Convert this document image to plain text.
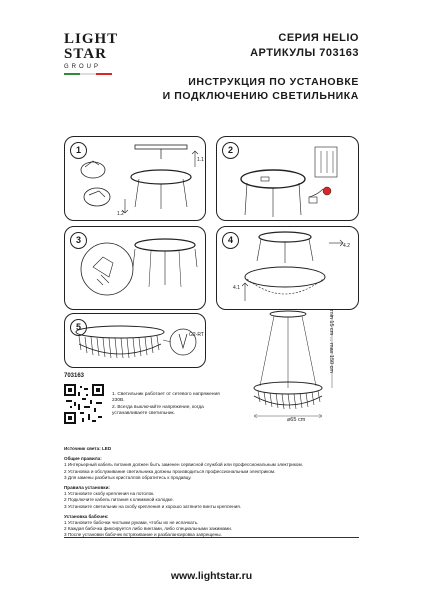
LIGHT
STAR
GROUP
СЕРИЯ HELIO
АРТИКУЛЫ 703163
ИНСТРУКЦИЯ ПО УСТАНОВКЕ
И ПОДКЛЮЧЕНИЮ СВЕТИЛЬНИКА
1
1.1
1.2
2
3	4
4.1
4.2
5
G2-RT	min 15 cm ... max 150 cm
⌀65 cm
703163
1. Светильник работает от сетевого напряжения 230В.
2. Всегда выключайте напряжение, когда устанавливаете светильник.
Источник света: LED
Общие правила:
1 Интерьерный кабель питания должен быть заменен сервисной службой или профессиональным электриком.
2 Установка и обслуживание светильника должны производиться профессиональным электриком.
3 Для замены разбитых кристаллов обратитесь к продавцу.
Правила установки:
1 Установите скобу крепления на потолок.
2 Подключите кабель питания к клеммной колодке.
3 Установите светильник на скобу крепления и хорошо затяните винты крепления.
Установка бабочек:
1 Установите бабочки чистыми руками, чтобы их не испачкать.
2 Каждая бабочка фиксируется либо винтами, либо специальными зажимами.
3 После установки бабочек встряхивание и разбалансировка запрещены.
www.lightstar.ru
